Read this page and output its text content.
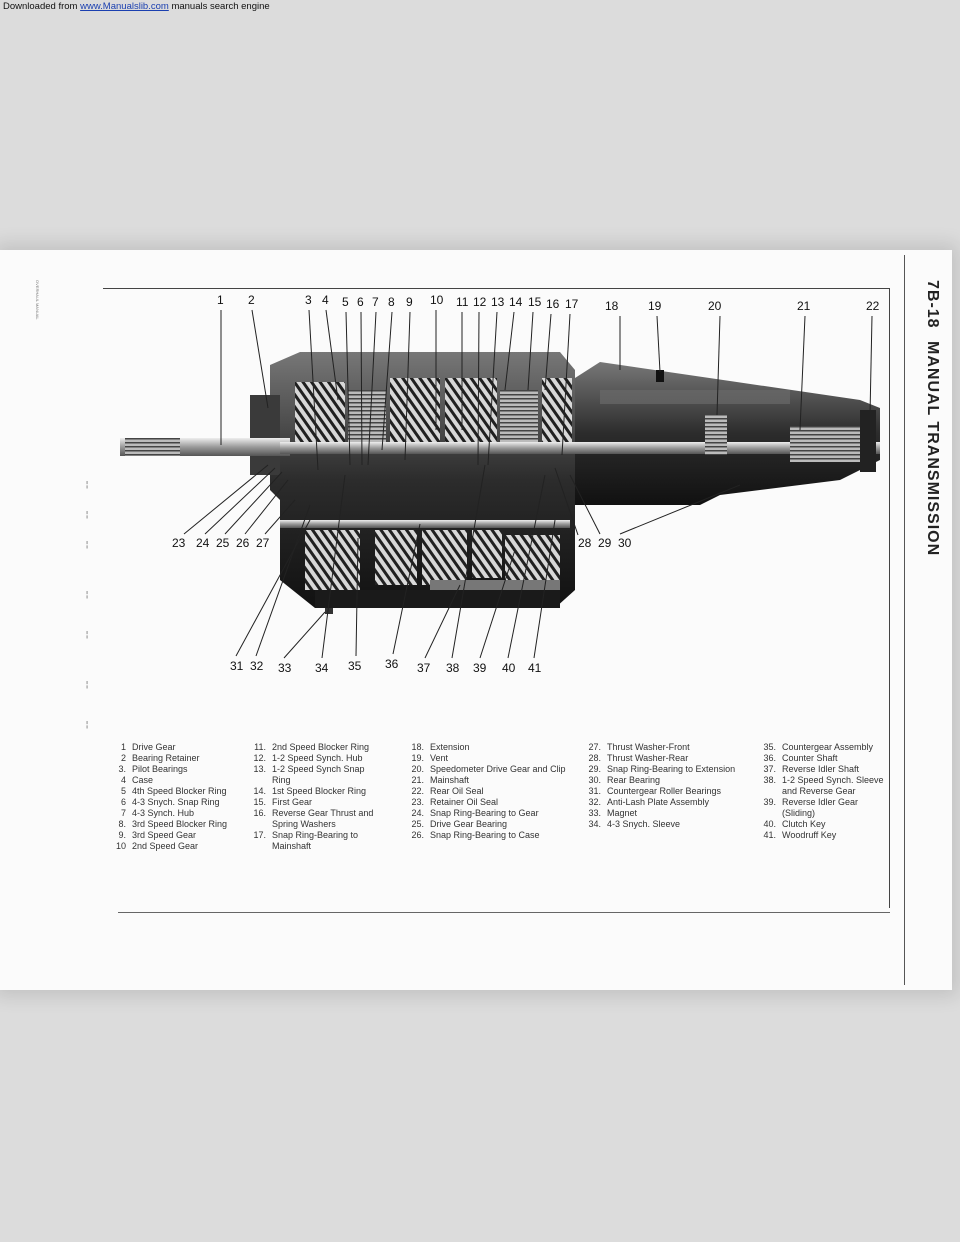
Downloaded from www.Manualslib.com manuals search engine
OVERHAUL MANUAL
¦
¦
¦
¦
¦
¦
¦
7B-18
MANUAL TRANSMISSION
1 2	3 4 5 6 7 8 9 10 11 12 13 14 15 16 17 18 19	20	21	22
23 24 25 26 27	28 29 30
31 32 33 34 35 36 37 38 39 40 41
1 Drive Gear
2 Bearing Retainer
3. Pilot Bearings
4 Case
5 4th Speed Blocker Ring
6 4-3 Snych. Snap Ring
7 4-3 Synch. Hub
8. 3rd Speed Blocker Ring
9. 3rd Speed Gear
10 2nd Speed Gear
11. 2nd Speed Blocker Ring
12. 1-2 Speed Synch. Hub
13. 1-2 Speed Synch Snap Ring
14. 1st Speed Blocker Ring
15. First Gear
16. Reverse Gear Thrust and Spring Washers
17. Snap Ring-Bearing to Mainshaft
18. Extension
19. Vent
20. Speedometer Drive Gear and Clip
21. Mainshaft
22. Rear Oil Seal
23. Retainer Oil Seal
24. Snap Ring-Bearing to Gear
25. Drive Gear Bearing
26. Snap Ring-Bearing to Case
27. Thrust Washer-Front
28. Thrust Washer-Rear
29. Snap Ring-Bearing to Extension
30. Rear Bearing
31. Countergear Roller Bearings
32. Anti-Lash Plate Assembly
33. Magnet
34. 4-3 Snych. Sleeve
35. Countergear Assembly
36. Counter Shaft
37. Reverse Idler Shaft
38. 1-2 Speed Synch. Sleeve and Reverse Gear
39. Reverse Idler Gear (Sliding)
40. Clutch Key
41. Woodruff Key
